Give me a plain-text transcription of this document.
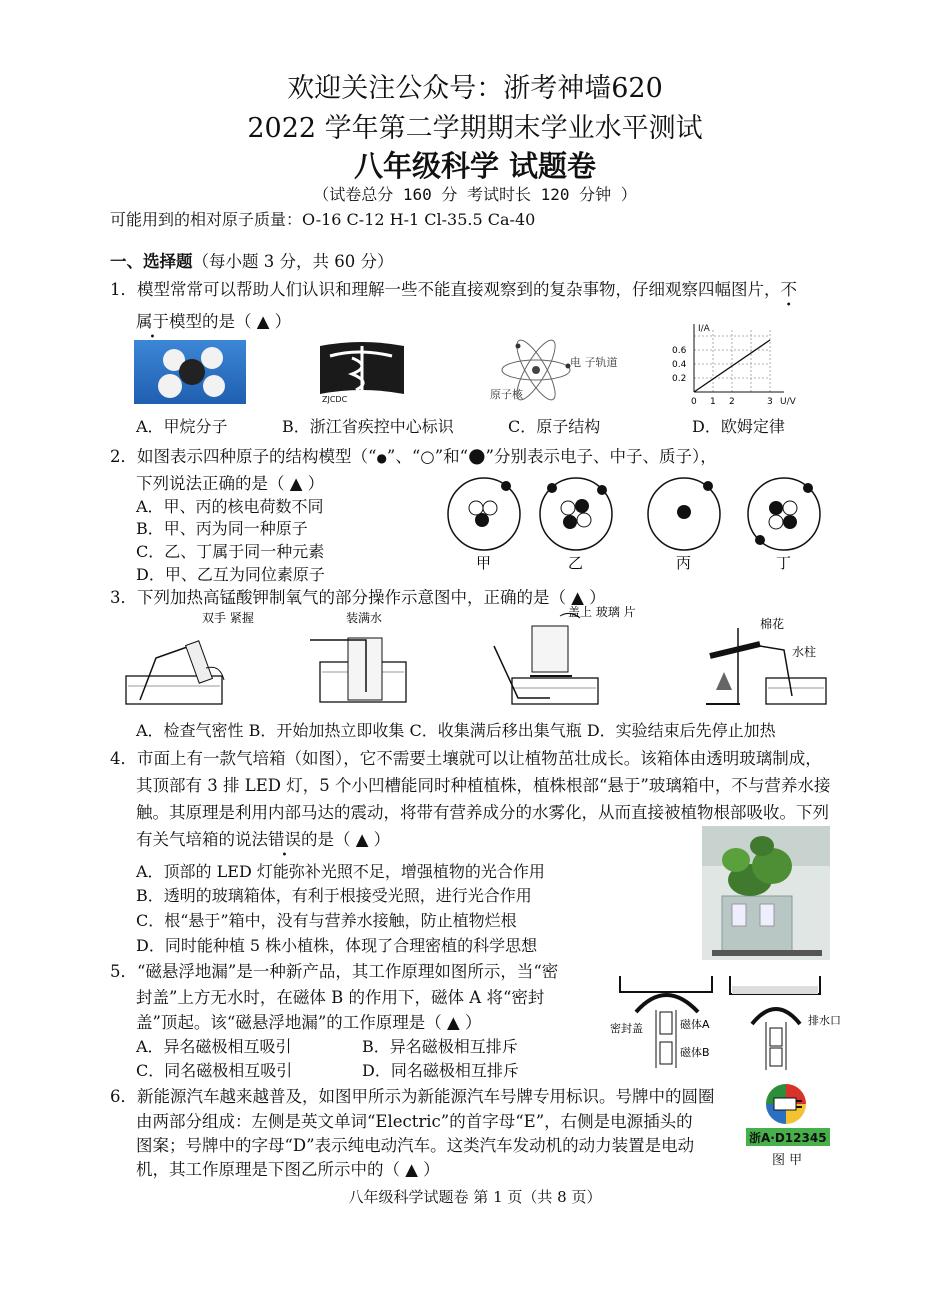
欢迎关注公众号：浙考神墙620
2022 学年第二学期期末学业水平测试
八年级科学 试题卷
（试卷总分 160 分 考试时长 120 分钟 ）
可能用到的相对原子质量：O-16 C-12 H-1 Cl-35.5 Ca-40
一、选择题（每小题 3 分，共 60 分）
1．模型常常可以帮助人们认识和理解一些不能直接观察到的复杂事物，仔细观察四幅图片，不
属于模型的是（ ▲ ）
ZJCDC
电 子轨道
原子核
I/A
U/V
0.6
0.4
0.2
0 1 2	3
A．甲烷分子	B．浙江省疾控中心标识	C．原子结构	D．欧姆定律
2．如图表示四种原子的结构模型（“●”、“○”和“●”分别表示电子、中子、质子），
下列说法正确的是（ ▲ ）
A．甲、丙的核电荷数不同
B．甲、丙为同一种原子
C．乙、丁属于同一种元素
D．甲、乙互为同位素原子
甲	乙	丙	丁
3．下列加热高锰酸钾制氧气的部分操作示意图中，正确的是（ ▲ ）
双手 紧握	装满水	盖上 玻璃 片
棉花
水柱
A．检查气密性 B．开始加热立即收集 C．收集满后移出集气瓶 D．实验结束后先停止加热
4．市面上有一款气培箱（如图），它不需要土壤就可以让植物茁壮成长。该箱体由透明玻璃制成，
其顶部有 3 排 LED 灯，5 个小凹槽能同时种植植株，植株根部“悬于”玻璃箱中，不与营养水接
触。其原理是利用内部马达的震动，将带有营养成分的水雾化，从而直接被植物根部吸收。下列
有关气培箱的说法错误的是（ ▲ ）
A．顶部的 LED 灯能弥补光照不足，增强植物的光合作用
B．透明的玻璃箱体，有利于根接受光照，进行光合作用
C．根“悬于”箱中，没有与营养水接触，防止植物烂根
D．同时能种植 5 株小植株，体现了合理密植的科学思想
5．“磁悬浮地漏”是一种新产品，其工作原理如图所示，当“密
封盖”上方无水时，在磁体 B 的作用下，磁体 A 将“密封
盖”顶起。该“磁悬浮地漏”的工作原理是（ ▲ ）
A．异名磁极相互吸引	B．异名磁极相互排斥
C．同名磁极相互吸引	D．同名磁极相互排斥
密封盖	磁体A
磁体B
排水口
6．新能源汽车越来越普及，如图甲所示为新能源汽车号牌专用标识。号牌中的圆圈
由两部分组成：左侧是英文单词“Electric”的首字母“E”，右侧是电源插头的
图案；号牌中的字母“D”表示纯电动汽车。这类汽车发动机的动力装置是电动
机，其工作原理是下图乙所示中的（ ▲ ）
浙A·D12345
图 甲
八年级科学试题卷 第 1 页（共 8 页）
